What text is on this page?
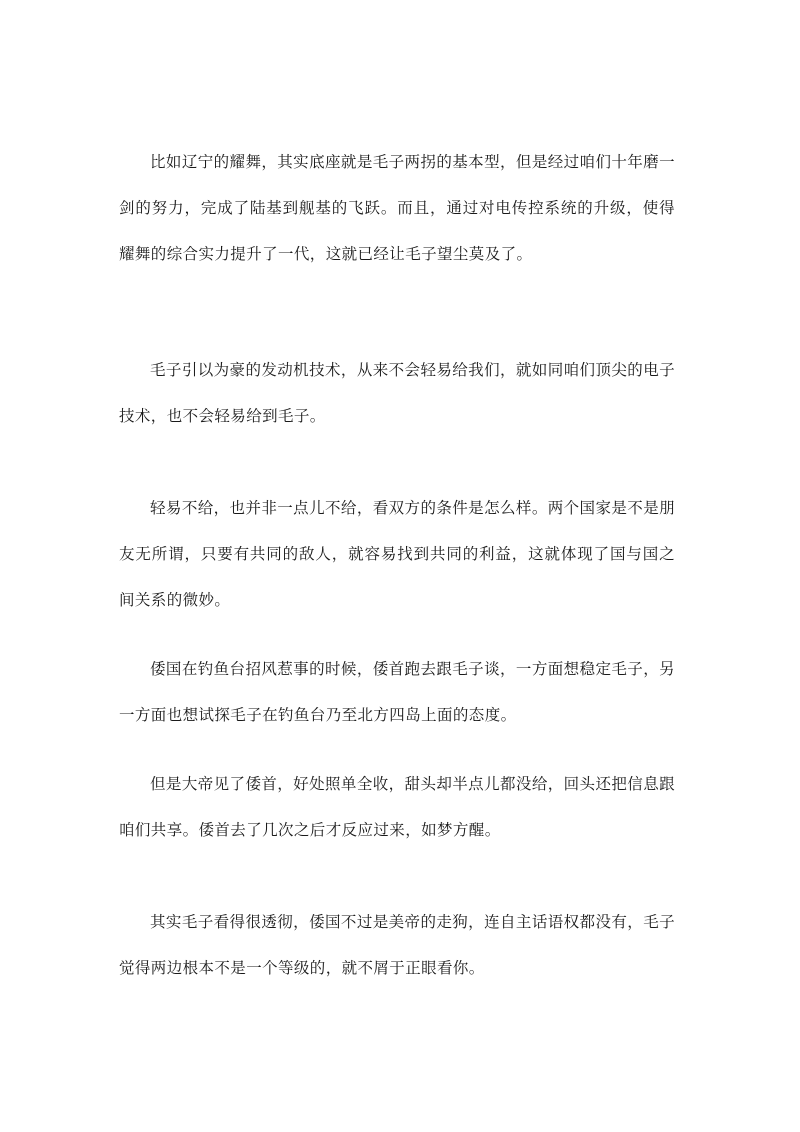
比如辽宁的耀舞，其实底座就是毛子两拐的基本型，但是经过咱们十年磨一剑的努力，完成了陆基到舰基的飞跃。而且，通过对电传控系统的升级，使得耀舞的综合实力提升了一代，这就已经让毛子望尘莫及了。

毛子引以为豪的发动机技术，从来不会轻易给我们，就如同咱们顶尖的电子技术，也不会轻易给到毛子。

轻易不给，也并非一点儿不给，看双方的条件是怎么样。两个国家是不是朋友无所谓，只要有共同的敌人，就容易找到共同的利益，这就体现了国与国之间关系的微妙。

倭国在钓鱼台招风惹事的时候，倭首跑去跟毛子谈，一方面想稳定毛子，另一方面也想试探毛子在钓鱼台乃至北方四岛上面的态度。

但是大帝见了倭首，好处照单全收，甜头却半点儿都没给，回头还把信息跟咱们共享。倭首去了几次之后才反应过来，如梦方醒。

其实毛子看得很透彻，倭国不过是美帝的走狗，连自主话语权都没有，毛子觉得两边根本不是一个等级的，就不屑于正眼看你。
